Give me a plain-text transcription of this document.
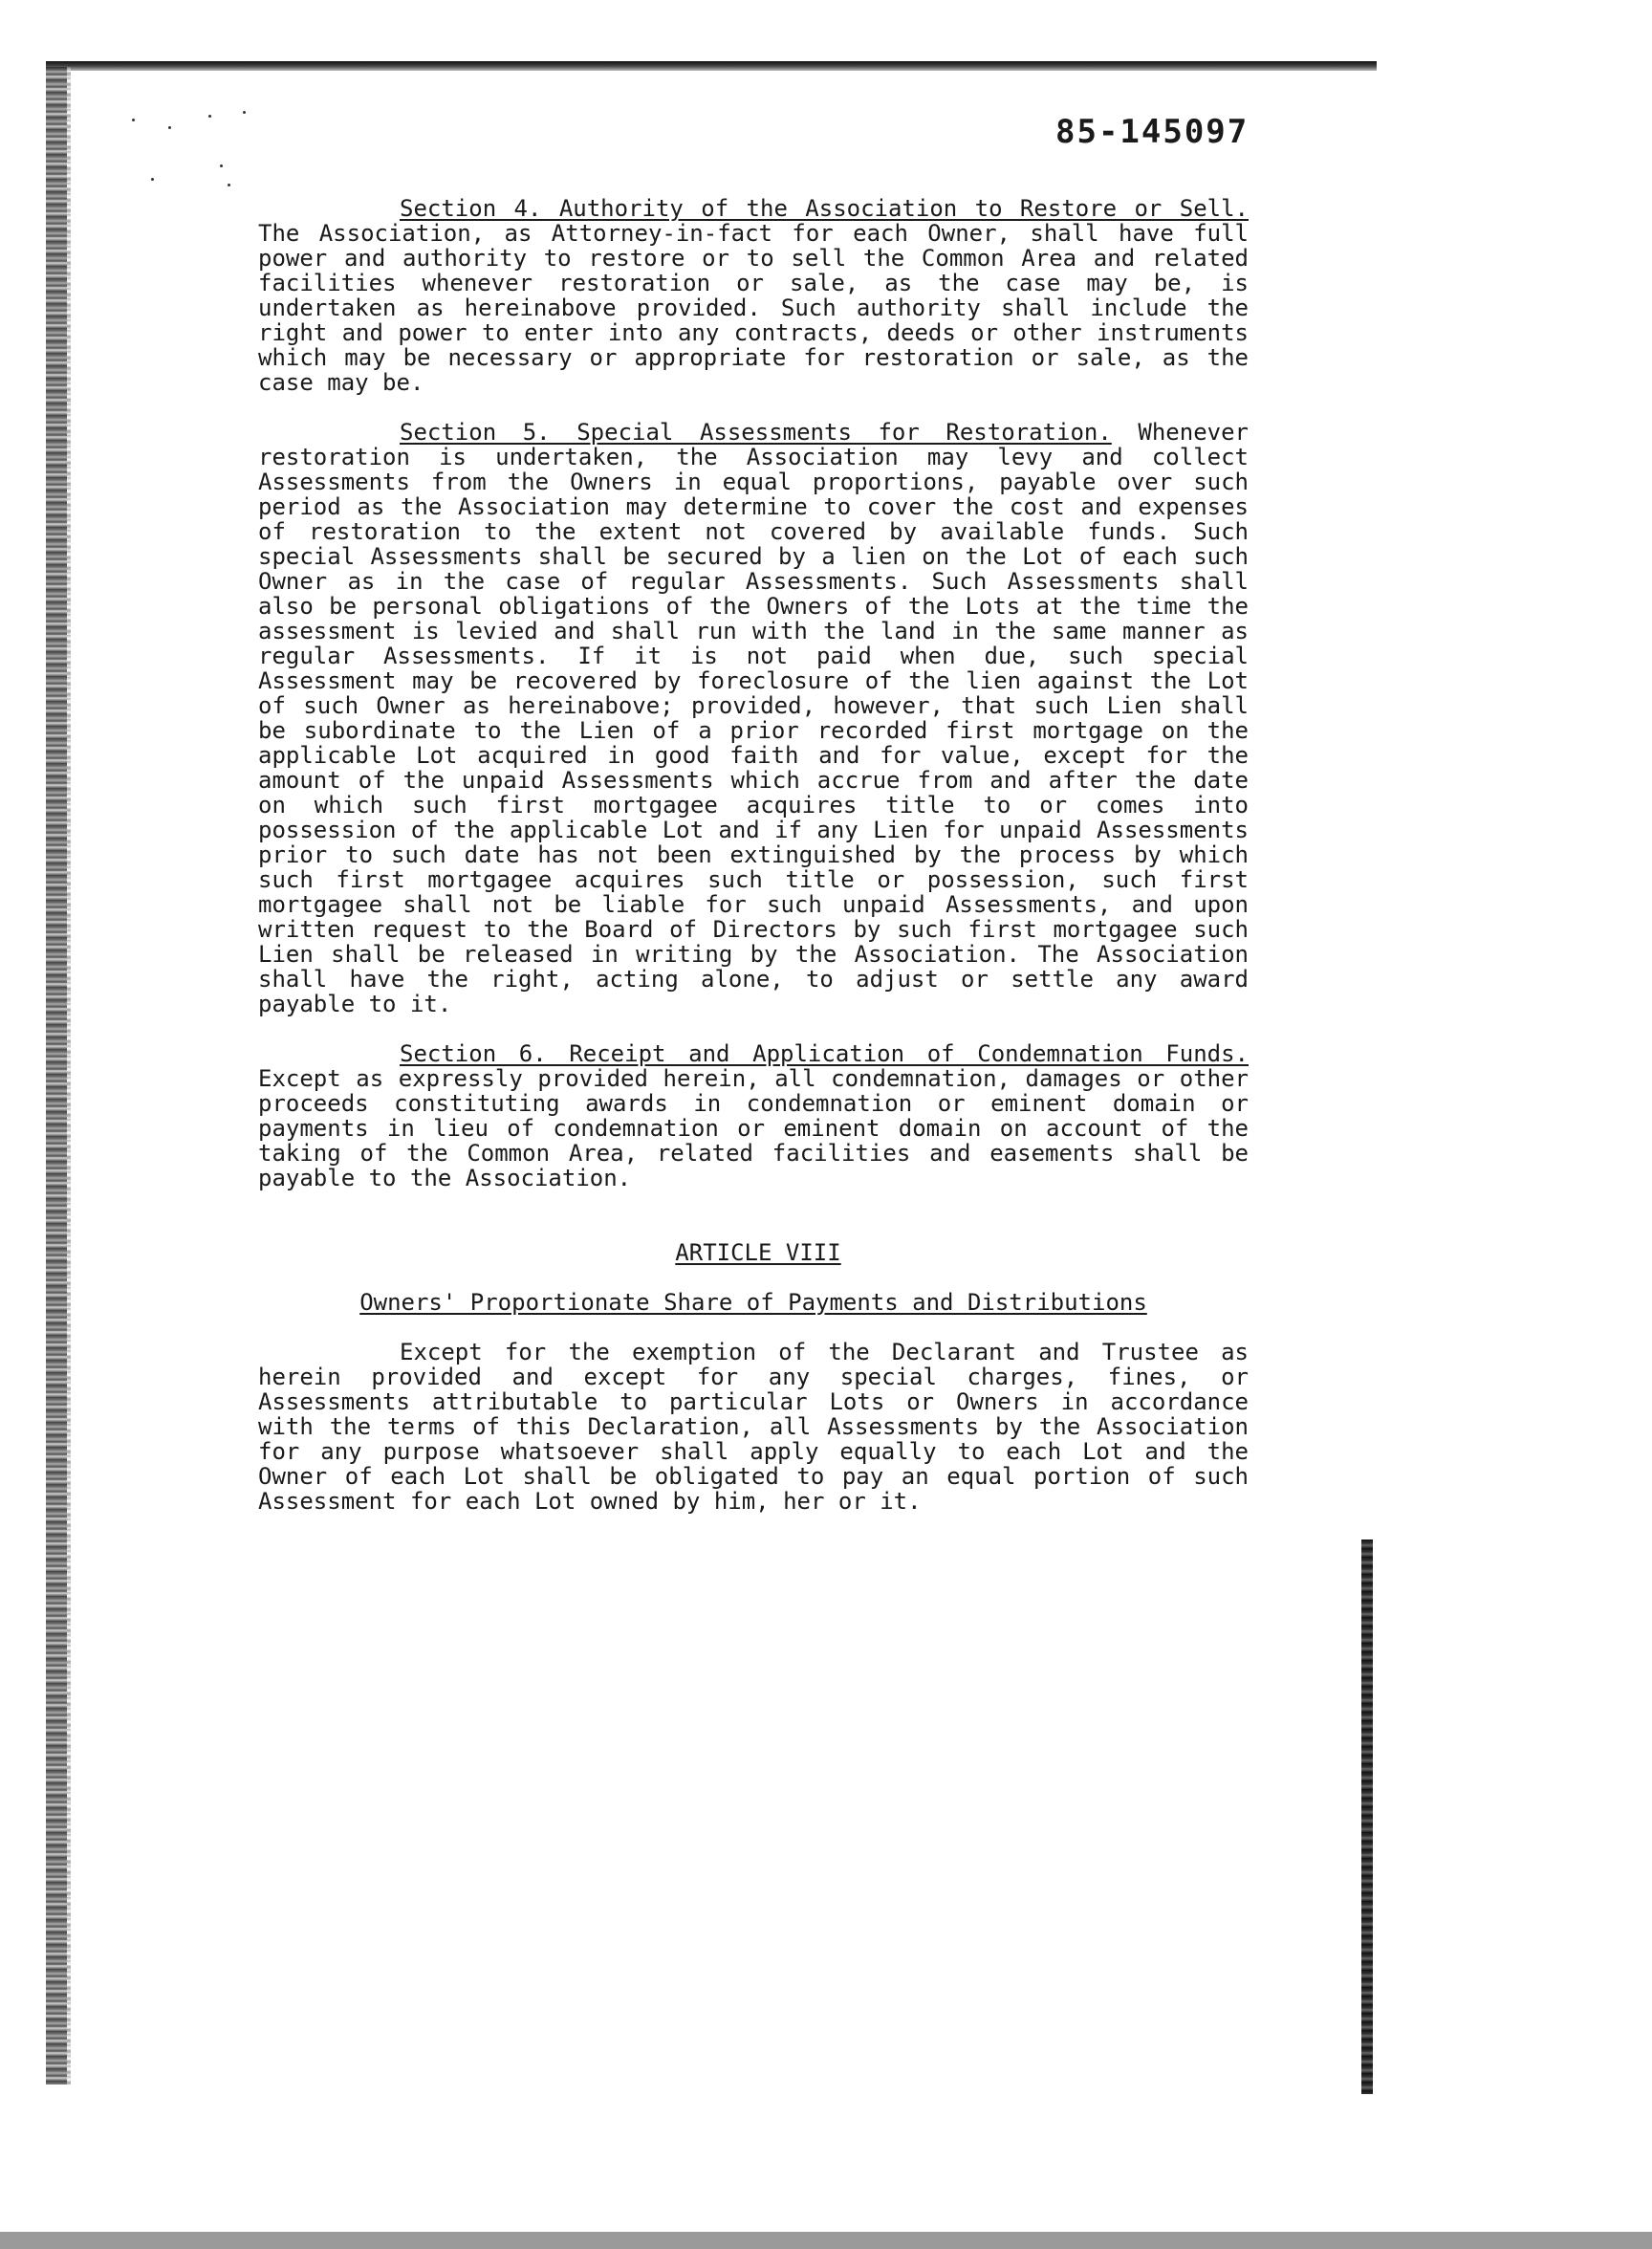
85-145097

Section 4. Authority of the Association to Restore or Sell. The Association, as Attorney-in-fact for each Owner, shall have full power and authority to restore or to sell the Common Area and related facilities whenever restoration or sale, as the case may be, is undertaken as hereinabove provided. Such authority shall include the right and power to enter into any contracts, deeds or other instruments which may be necessary or appropriate for restoration or sale, as the case may be.

Section 5. Special Assessments for Restoration. Whenever restoration is undertaken, the Association may levy and collect Assessments from the Owners in equal proportions, payable over such period as the Association may determine to cover the cost and expenses of restoration to the extent not covered by available funds. Such special Assessments shall be secured by a lien on the Lot of each such Owner as in the case of regular Assessments. Such Assessments shall also be personal obligations of the Owners of the Lots at the time the assessment is levied and shall run with the land in the same manner as regular Assessments. If it is not paid when due, such special Assessment may be recovered by foreclosure of the lien against the Lot of such Owner as hereinabove; provided, however, that such Lien shall be subordinate to the Lien of a prior recorded first mortgage on the applicable Lot acquired in good faith and for value, except for the amount of the unpaid Assessments which accrue from and after the date on which such first mortgagee acquires title to or comes into possession of the applicable Lot and if any Lien for unpaid Assessments prior to such date has not been extinguished by the process by which such first mortgagee acquires such title or possession, such first mortgagee shall not be liable for such unpaid Assessments, and upon written request to the Board of Directors by such first mortgagee such Lien shall be released in writing by the Association. The Association shall have the right, acting alone, to adjust or settle any award payable to it.

Section 6. Receipt and Application of Condemnation Funds. Except as expressly provided herein, all condemnation, damages or other proceeds constituting awards in condemnation or eminent domain or payments in lieu of condemnation or eminent domain on account of the taking of the Common Area, related facilities and easements shall be payable to the Association.

ARTICLE VIII

Owners' Proportionate Share of Payments and Distributions

Except for the exemption of the Declarant and Trustee as herein provided and except for any special charges, fines, or Assessments attributable to particular Lots or Owners in accordance with the terms of this Declaration, all Assessments by the Association for any purpose whatsoever shall apply equally to each Lot and the Owner of each Lot shall be obligated to pay an equal portion of such Assessment for each Lot owned by him, her or it.
